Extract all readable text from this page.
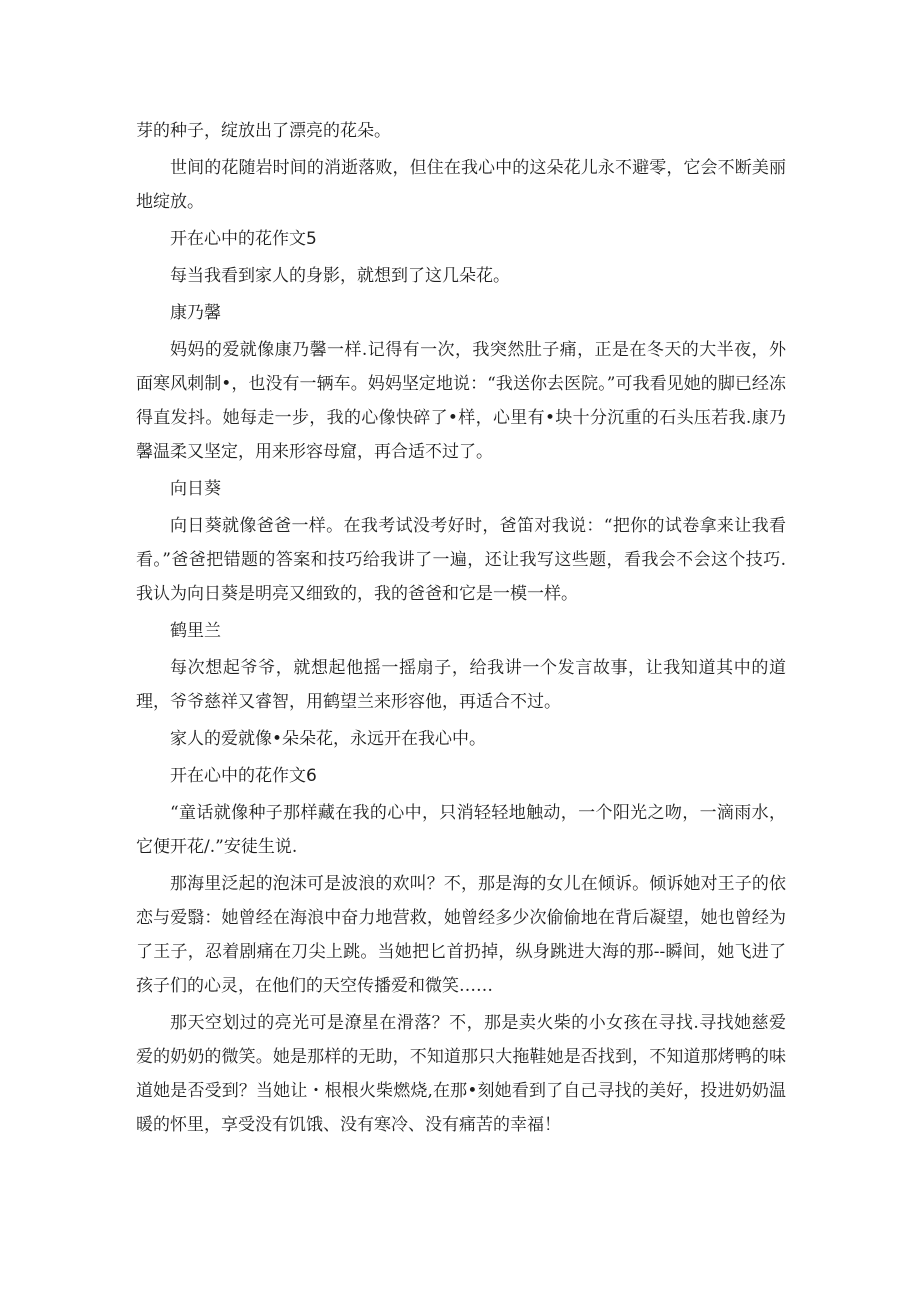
芽的种子，绽放出了漂亮的花朵。

世间的花随岩时间的消逝落败，但住在我心中的这朵花儿永不避零，它会不断美丽地绽放。

开在心中的花作文5

每当我看到家人的身影，就想到了这几朵花。

康乃馨

妈妈的爱就像康乃馨一样.记得有一次，我突然肚子痛，正是在冬天的大半夜，外面寒风刺制•，也没有一辆车。妈妈坚定地说：“我送你去医院。”可我看见她的脚已经冻得直发抖。她每走一步，我的心像快碎了•样，心里有•块十分沉重的石头压若我.康乃馨温柔又坚定，用来形容母窟，再合适不过了。

向日葵

向日葵就像爸爸一样。在我考试没考好时，爸笛对我说：“把你的试卷拿来让我看看。”爸爸把错题的答案和技巧给我讲了一遍，还让我写这些题，看我会不会这个技巧.我认为向日葵是明亮又细致的，我的爸爸和它是一模一样。

鹤里兰

每次想起爷爷，就想起他摇一摇扇子，给我讲一个发言故事，让我知道其中的道理，爷爷慈祥又睿智，用鹤望兰来形容他，再适合不过。

家人的爱就像•朵朵花，永远开在我心中。

开在心中的花作文6

“童话就像种子那样藏在我的心中，只消轻轻地触动，一个阳光之吻，一滴雨水，它便开花/.”安徒生说.

那海里泛起的泡沫可是波浪的欢叫？不，那是海的女儿在倾诉。倾诉她对王子的依恋与爱翳：她曾经在海浪中奋力地营救，她曾经多少次偷偷地在背后凝望，她也曾经为了王子，忍着剧痛在刀尖上跳。当她把匕首扔掉，纵身跳进大海的那--瞬间，她飞进了孩子们的心灵，在他们的天空传播爱和微笑……

那天空划过的亮光可是潦星在滑落？不，那是卖火柴的小女孩在寻找.寻找她慈爱爱的奶奶的微笑。她是那样的无助，不知道那只大拖鞋她是否找到，不知道那烤鸭的味道她是否受到？当她让・根根火柴燃烧,在那•刻她看到了自己寻找的美好，投进奶奶温暖的怀里，享受没有饥饿、没有寒冷、没有痛苦的幸福！
